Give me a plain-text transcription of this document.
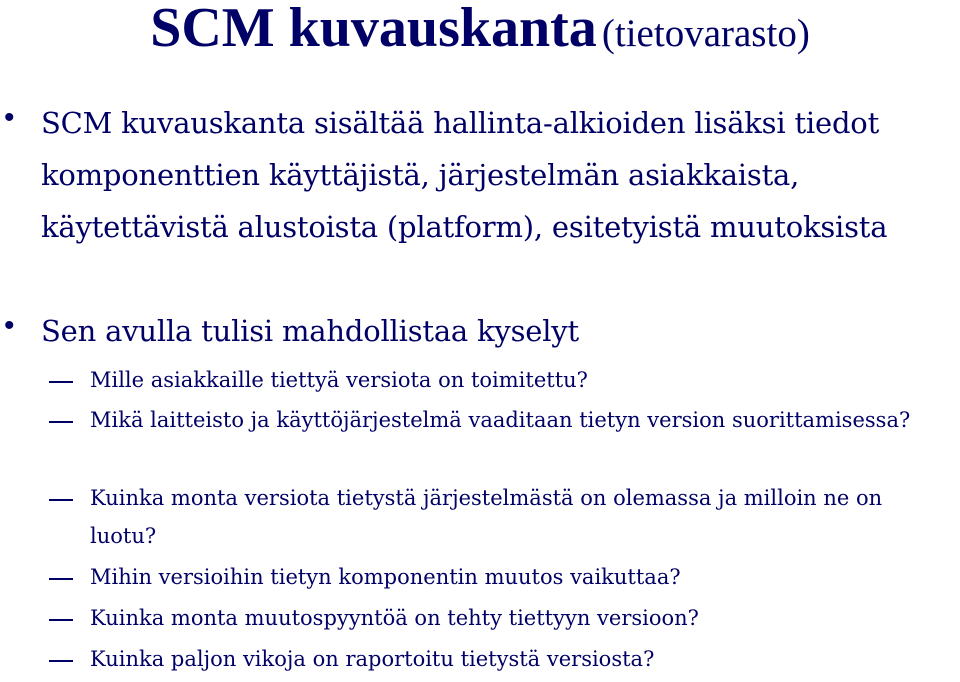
SCM kuvauskanta (tietovarasto)
• SCM kuvauskanta sisältää hallinta-alkioiden lisäksi tiedot komponenttien käyttäjistä, järjestelmän asiakkaista, käytettävistä alustoista (platform), esitetyistä muutoksista
• Sen avulla tulisi mahdollistaa kyselyt
Mille asiakkaille tiettyä versiota on toimitettu?
Mikä laitteisto ja käyttöjärjestelmä vaaditaan tietyn version suorittamisessa?
Kuinka monta versiota tietystä järjestelmästä on olemassa ja milloin ne on luotu?
Mihin versioihin tietyn komponentin muutos vaikuttaa?
Kuinka monta muutospyyntöä on tehty tiettyyn versioon?
Kuinka paljon vikoja on raportoitu tietystä versiosta?
